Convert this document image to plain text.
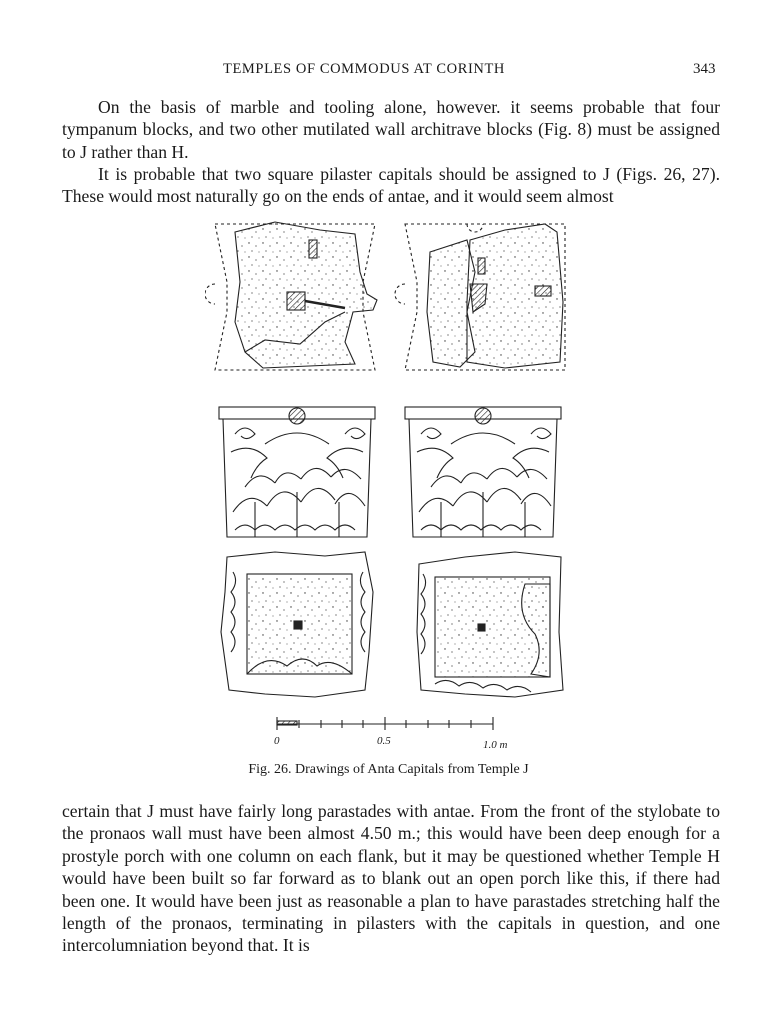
TEMPLES OF COMMODUS AT CORINTH	343

On the basis of marble and tooling alone, however. it seems probable that four tympanum blocks, and two other mutilated wall architrave blocks (Fig. 8) must be assigned to J rather than H.

It is probable that two square pilaster capitals should be assigned to J (Figs. 26, 27). These would most naturally go on the ends of antae, and it would seem almost

0	0.5	1.0 m
Fig. 26. Drawings of Anta Capitals from Temple J

certain that J must have fairly long parastades with antae. From the front of the stylobate to the pronaos wall must have been almost 4.50 m.; this would have been deep enough for a prostyle porch with one column on each flank, but it may be questioned whether Temple H would have been built so far forward as to blank out an open porch like this, if there had been one. It would have been just as reasonable a plan to have parastades stretching half the length of the pronaos, terminating in pilasters with the capitals in question, and one intercolumniation beyond that. It is
